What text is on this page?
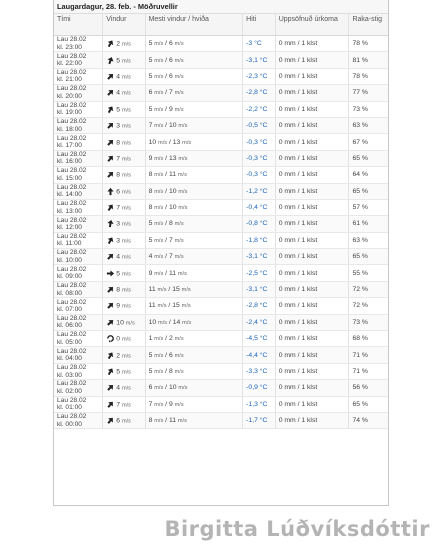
Laugardagur, 28. feb. - Möðruvellir
Tími	Vindur	Mesti vindur / hviða	Hiti	Uppsöfnuð úrkoma	Raka-stig
Lau 28.02
kl. 23:00	2 m/s	5 m/s / 6 m/s	-3 °C	0 mm / 1 klst	78 %
Lau 28.02
kl. 22:00	5 m/s	5 m/s / 6 m/s	-3,1 °C	0 mm / 1 klst	81 %
Lau 28.02
kl. 21:00	4 m/s	5 m/s / 6 m/s	-2,3 °C	0 mm / 1 klst	78 %
Lau 28.02
kl. 20:00	4 m/s	6 m/s / 7 m/s	-2,8 °C	0 mm / 1 klst	77 %
Lau 28.02
kl. 19:00	5 m/s	5 m/s / 9 m/s	-2,2 °C	0 mm / 1 klst	73 %
Lau 28.02
kl. 18:00	3 m/s	7 m/s / 10 m/s	-0,5 °C	0 mm / 1 klst	63 %
Lau 28.02
kl. 17:00	8 m/s	10 m/s / 13 m/s	-0,3 °C	0 mm / 1 klst	67 %
Lau 28.02
kl. 16:00	7 m/s	9 m/s / 13 m/s	-0,3 °C	0 mm / 1 klst	65 %
Lau 28.02
kl. 15:00	8 m/s	8 m/s / 11 m/s	-0,3 °C	0 mm / 1 klst	64 %
Lau 28.02
kl. 14:00	6 m/s	8 m/s / 10 m/s	-1,2 °C	0 mm / 1 klst	65 %
Lau 28.02
kl. 13:00	7 m/s	8 m/s / 10 m/s	-0,4 °C	0 mm / 1 klst	57 %
Lau 28.02
kl. 12:00	3 m/s	5 m/s / 8 m/s	-0,8 °C	0 mm / 1 klst	61 %
Lau 28.02
kl. 11:00	3 m/s	5 m/s / 7 m/s	-1,8 °C	0 mm / 1 klst	63 %
Lau 28.02
kl. 10:00	4 m/s	4 m/s / 7 m/s	-3,1 °C	0 mm / 1 klst	65 %
Lau 28.02
kl. 09:00	5 m/s	9 m/s / 11 m/s	-2,5 °C	0 mm / 1 klst	55 %
Lau 28.02
kl. 08:00	8 m/s	11 m/s / 15 m/s	-3,1 °C	0 mm / 1 klst	72 %
Lau 28.02
kl. 07:00	9 m/s	11 m/s / 15 m/s	-2,8 °C	0 mm / 1 klst	72 %
Lau 28.02
kl. 06:00	10 m/s	10 m/s / 14 m/s	-2,4 °C	0 mm / 1 klst	73 %
Lau 28.02
kl. 05:00	0 m/s	1 m/s / 2 m/s	-4,5 °C	0 mm / 1 klst	68 %
Lau 28.02
kl. 04:00	2 m/s	5 m/s / 6 m/s	-4,4 °C	0 mm / 1 klst	71 %
Lau 28.02
kl. 03:00	5 m/s	5 m/s / 8 m/s	-3,3 °C	0 mm / 1 klst	71 %
Lau 28.02
kl. 02:00	4 m/s	6 m/s / 10 m/s	-0,9 °C	0 mm / 1 klst	56 %
Lau 28.02
kl. 01:00	7 m/s	7 m/s / 9 m/s	-1,3 °C	0 mm / 1 klst	65 %
Lau 28.02
kl. 00:00	6 m/s	8 m/s / 11 m/s	-1,7 °C	0 mm / 1 klst	74 %
Birgitta Lúðvíksdóttir
